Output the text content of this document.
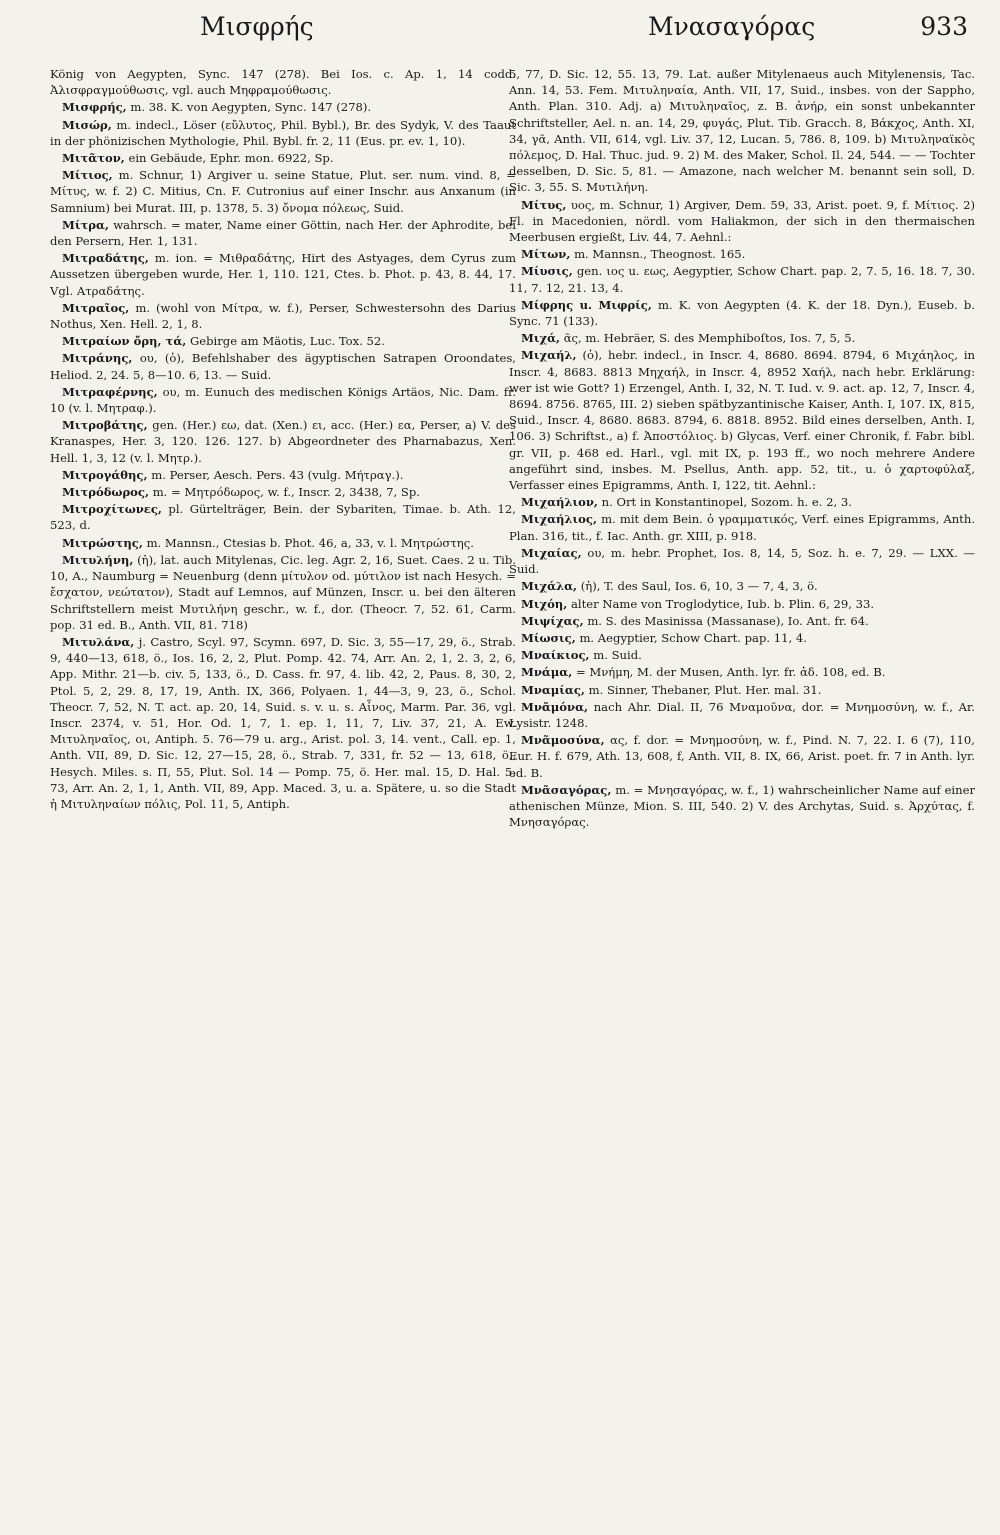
Μισφρής	Μνασαγόρας	933

König von Aegypten, Sync. 147 (278). Bei Ios. c. Ap. 1, 14 codd. Ἀλισφραγμούθωσις, vgl. auch Μηφραμούθωσις.

Μισφρής, m. 38. K. von Aegypten, Sync. 147 (278).

Μισώρ, m. indecl., Löser (εὔλυτος, Phil. Bybl.), Br. des Sydyk, V. des Taaut in der phönizischen Mythologie, Phil. Bybl. fr. 2, 11 (Eus. pr. ev. 1, 10).

Μιτᾶτον, ein Gebäude, Ephr. mon. 6922, Sp.

Μίτιος, m. Schnur, 1) Argiver u. seine Statue, Plut. ser. num. vind. 8, = Μίτυς, w. f. 2) C. Mitius, Cn. F. Cutronius auf einer Inschr. aus Anxanum (in Samnium) bei Murat. III, p. 1378, 5. 3) ὄνομα πόλεως, Suid.

Μίτρα, wahrsch. = mater, Name einer Göttin, nach Her. der Aphrodite, bei den Persern, Her. 1, 131.

Μιτραδάτης, m. ion. = Μιθραδάτης, Hirt des Astyages, dem Cyrus zum Aussetzen übergeben wurde, Her. 1, 110. 121, Ctes. b. Phot. p. 43, 8. 44, 17. Vgl. Ατραδάτης.

Μιτραῖος, m. (wohl von Μίτρα, w. f.), Perser, Schwestersohn des Darius Nothus, Xen. Hell. 2, 1, 8.

Μιτραίων ὄρη, τά, Gebirge am Mäotis, Luc. Tox. 52.

Μιτράνης, ου, (ὁ), Befehlshaber des ägyptischen Satrapen Oroondates, Heliod. 2, 24. 5, 8—10. 6, 13. — Suid.

Μιτραφέρνης, ου, m. Eunuch des medischen Königs Artäos, Nic. Dam. fr. 10 (v. l. Μητραφ.).

Μιτροβάτης, gen. (Her.) εω, dat. (Xen.) ει, acc. (Her.) εα, Perser, a) V. des Kranaspes, Her. 3, 120. 126. 127. b) Abgeordneter des Pharnabazus, Xen. Hell. 1, 3, 12 (v. l. Μητρ.).

Μιτρογάθης, m. Perser, Aesch. Pers. 43 (vulg. Μήτραγ.).

Μιτρόδωρος, m. = Μητρόδωρος, w. f., Inscr. 2, 3438, 7, Sp.

Μιτροχίτωνες, pl. Gürtelträger, Bein. der Sybariten, Timae. b. Ath. 12, 523, d.

Μιτρώστης, m. Mannsn., Ctesias b. Phot. 46, a, 33, v. l. Μητρώστης.

Μιτυλήνη, (ἡ), lat. auch Mitylenas, Cic. leg. Agr. 2, 16, Suet. Caes. 2 u. Tib. 10, A., Naumburg = Neuenburg (denn μίτυλον od. μύτιλον ist nach Hesych. = ἔσχατον, νεώτατον), Stadt auf Lemnos, auf Münzen, Inscr. u. bei den älteren Schriftstellern meist Μυτιλήνη geschr., w. f., dor. (Theocr. 7, 52. 61, Carm. pop. 31 ed. B., Anth. VII, 81. 718)

Μιτυλάνα, j. Castro, Scyl. 97, Scymn. 697, D. Sic. 3, 55—17, 29, ö., Strab. 9, 440—13, 618, ö., Ios. 16, 2, 2, Plut. Pomp. 42. 74, Arr. An. 2, 1, 2. 3, 2, 6, App. Mithr. 21—b. civ. 5, 133, ö., D. Cass. fr. 97, 4. lib. 42, 2, Paus. 8, 30, 2, Ptol. 5, 2, 29. 8, 17, 19, Anth. IX, 366, Polyaen. 1, 44—3, 9, 23, ö., Schol. Theocr. 7, 52, N. T. act. ap. 20, 14, Suid. s. v. u. s. Αἶνος, Marm. Par. 36, vgl. Inscr. 2374, v. 51, Hor. Od. 1, 7, 1. ep. 1, 11, 7, Liv. 37, 21, A. Ew. Μιτυληναῖος, οι, Antiph. 5. 76—79 u. arg., Arist. pol. 3, 14. vent., Call. ep. 1, Anth. VII, 89, D. Sic. 12, 27—15, 28, ö., Strab. 7, 331, fr. 52 — 13, 618, ö., Hesych. Miles. s. Π, 55, Plut. Sol. 14 — Pomp. 75, ö. Her. mal. 15, D. Hal. 5, 73, Arr. An. 2, 1, 1, Anth. VII, 89, App. Maced. 3, u. a. Spätere, u. so die Stadt ἡ Μιτυληναίων πόλις, Pol. 11, 5, Antiph.

5, 77, D. Sic. 12, 55. 13, 79. Lat. außer Mitylenaeus auch Mitylenensis, Tac. Ann. 14, 53. Fem. Μιτυληναία, Anth. VII, 17, Suid., insbes. von der Sappho, Anth. Plan. 310. Adj. a) Μιτυληναῖος, z. B. ἀνήρ, ein sonst unbekannter Schriftsteller, Ael. n. an. 14, 29, φυγάς, Plut. Tib. Gracch. 8, Βάκχος, Anth. XI, 34, γᾶ, Anth. VII, 614, vgl. Liv. 37, 12, Lucan. 5, 786. 8, 109. b) Μιτυληναϊκὸς πόλεμος, D. Hal. Thuc. jud. 9. 2) M. des Maker, Schol. Il. 24, 544. — — Tochter desselben, D. Sic. 5, 81. — Amazone, nach welcher M. benannt sein soll, D. Sic. 3, 55. S. Μυτιλήνη.

Μίτυς, υος, m. Schnur, 1) Argiver, Dem. 59, 33, Arist. poet. 9, f. Μίτιος. 2) Fl. in Macedonien, nördl. vom Haliakmon, der sich in den thermaischen Meerbusen ergießt, Liv. 44, 7. Aehnl.:

Μίτων, m. Mannsn., Theognost. 165.

Μίυσις, gen. ιος u. εως, Aegyptier, Schow Chart. pap. 2, 7. 5, 16. 18. 7, 30. 11, 7. 12, 21. 13, 4.

Μίφρης u. Μιφρίς, m. K. von Aegypten (4. K. der 18. Dyn.), Euseb. b. Sync. 71 (133).

Μιχά, ᾶς, m. Hebräer, S. des Memphiboſtos, Ios. 7, 5, 5.

Μιχαήλ, (ὁ), hebr. indecl., in Inscr. 4, 8680. 8694. 8794, 6 Μιχάηλος, in Inscr. 4, 8683. 8813 Μηχαήλ, in Inscr. 4, 8952 Χαήλ, nach hebr. Erklärung: wer ist wie Gott? 1) Erzengel, Anth. I, 32, N. T. Iud. v. 9. act. ap. 12, 7, Inscr. 4, 8694. 8756. 8765, III. 2) sieben spätbyzantinische Kaiser, Anth. I, 107. IX, 815, Suid., Inscr. 4, 8680. 8683. 8794, 6. 8818. 8952. Bild eines derselben, Anth. I, 106. 3) Schriftst., a) f. Ἀποστόλιος. b) Glycas, Verf. einer Chronik, f. Fabr. bibl. gr. VII, p. 468 ed. Harl., vgl. mit IX, p. 193 ff., wo noch mehrere Andere angeführt sind, insbes. M. Psellus, Anth. app. 52, tit., u. ὁ χαρτοφύλαξ, Verfasser eines Epigramms, Anth. I, 122, tit. Aehnl.:

Μιχαήλιον, n. Ort in Konstantinopel, Sozom. h. e. 2, 3.

Μιχαήλιος, m. mit dem Bein. ὁ γραμματικός, Verf. eines Epigramms, Anth. Plan. 316, tit., f. Iac. Anth. gr. XIII, p. 918.

Μιχαίας, ου, m. hebr. Prophet, Ios. 8, 14, 5, Soz. h. e. 7, 29. — LXX. — Suid.

Μιχάλα, (ἡ), T. des Saul, Ios. 6, 10, 3 — 7, 4, 3, ö.

Μιχόη, alter Name von Troglodytice, Iub. b. Plin. 6, 29, 33.

Μιψίχας, m. S. des Masinissa (Massanase), Io. Ant. fr. 64.

Μίωσις, m. Aegyptier, Schow Chart. pap. 11, 4.

Μναίκιος, m. Suid.

Μνάμα, = Μνήμη, M. der Musen, Anth. lyr. fr. ἀδ. 108, ed. B.

Μναμίας, m. Sinner, Thebaner, Plut. Her. mal. 31.

Μνᾶμόνα, nach Ahr. Dial. II, 76 Μναμοῦνα, dor. = Μνημοσύνη, w. f., Ar. Lysistr. 1248.

Μνᾶμοσύνα, ας, f. dor. = Μνημοσύνη, w. f., Pind. N. 7, 22. I. 6 (7), 110, Eur. H. f. 679, Ath. 13, 608, f, Anth. VII, 8. IX, 66, Arist. poet. fr. 7 in Anth. lyr. ed. B.

Μνᾶσαγόρας, m. = Μνησαγόρας, w. f., 1) wahrscheinlicher Name auf einer athenischen Münze, Mion. S. III, 540. 2) V. des Archytas, Suid. s. Ἀρχύτας, f. Μνησαγόρας.
